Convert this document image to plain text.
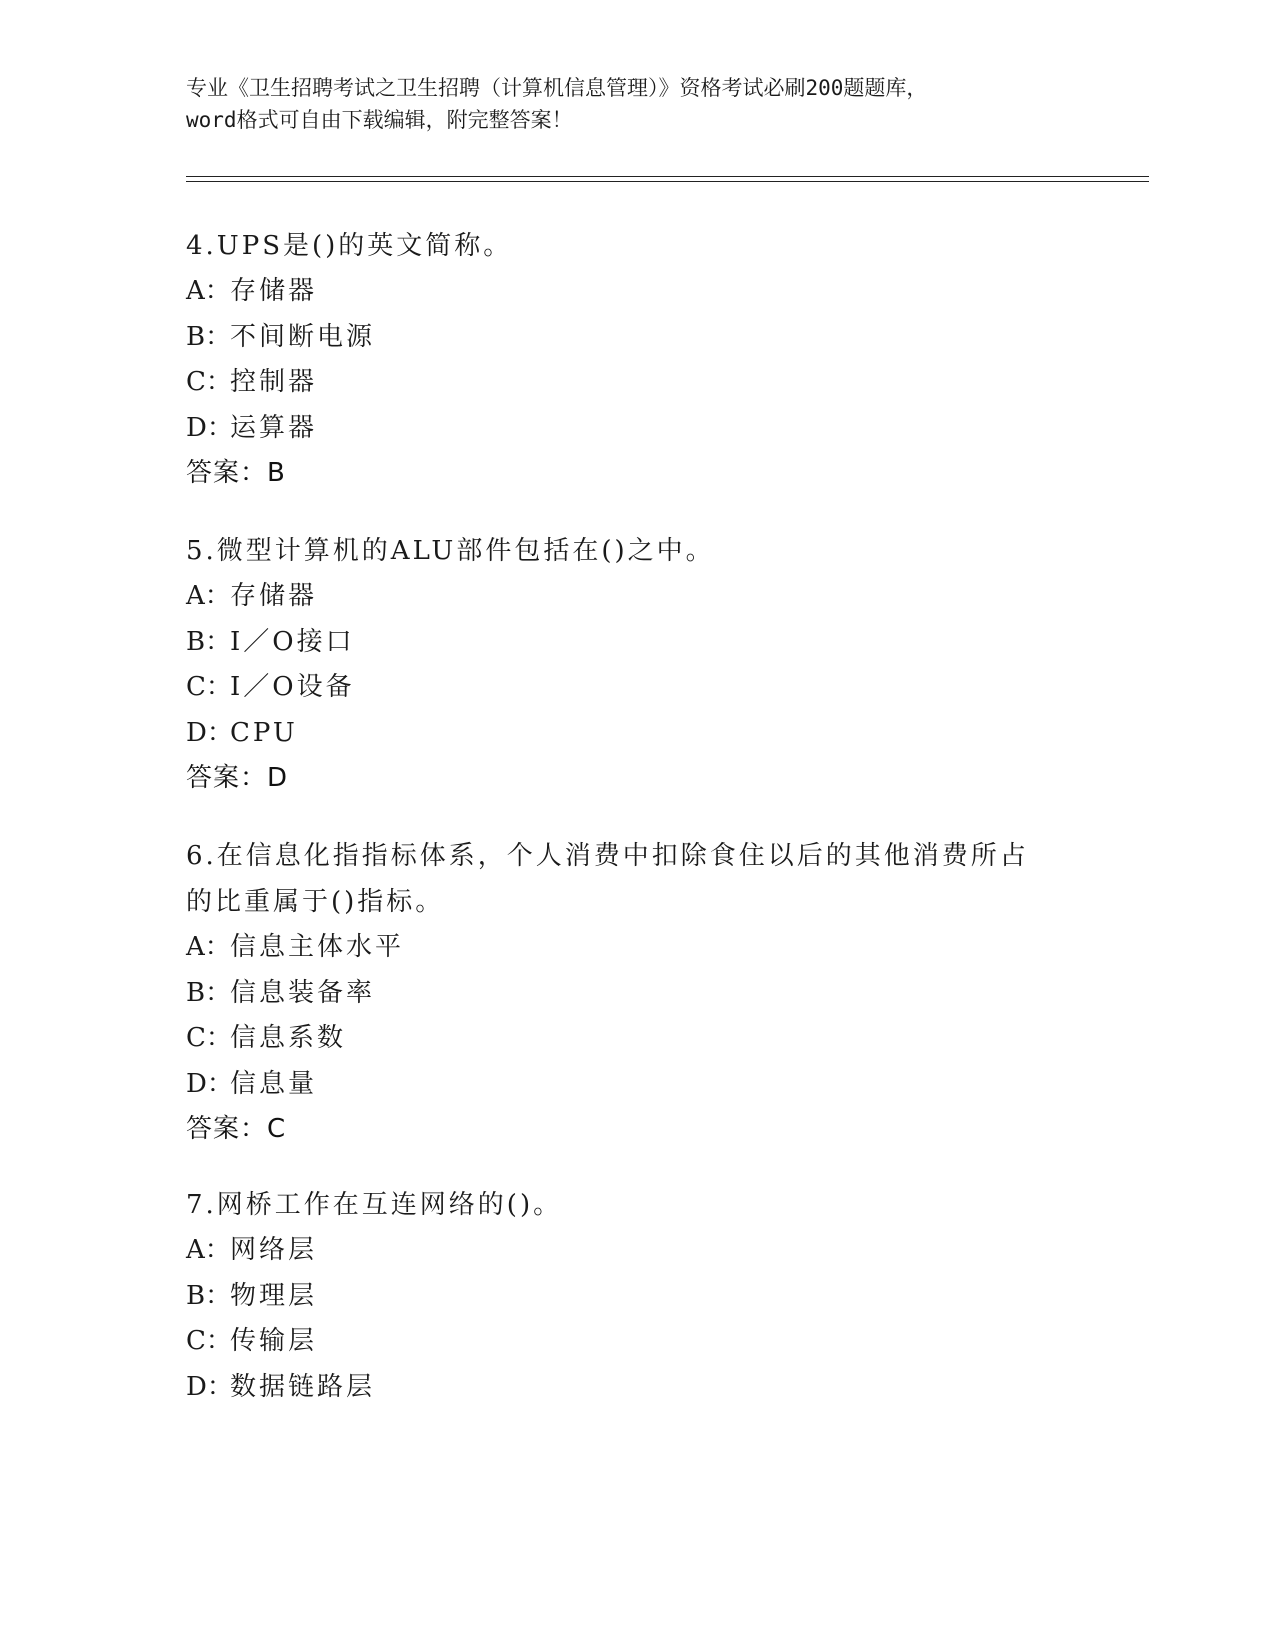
专业《卫生招聘考试之卫生招聘（计算机信息管理）》资格考试必刷200题题库，
word格式可自由下载编辑，附完整答案！
4.UPS是()的英文简称。
A：存储器
B：不间断电源
C：控制器
D：运算器
答案：B
5.微型计算机的ALU部件包括在()之中。
A：存储器
B：I／O接口
C：I／O设备
D：CPU
答案：D
6.在信息化指指标体系，个人消费中扣除食住以后的其他消费所占的比重属于()指标。
A：信息主体水平
B：信息装备率
C：信息系数
D：信息量
答案：C
7.网桥工作在互连网络的()。
A：网络层
B：物理层
C：传输层
D：数据链路层
